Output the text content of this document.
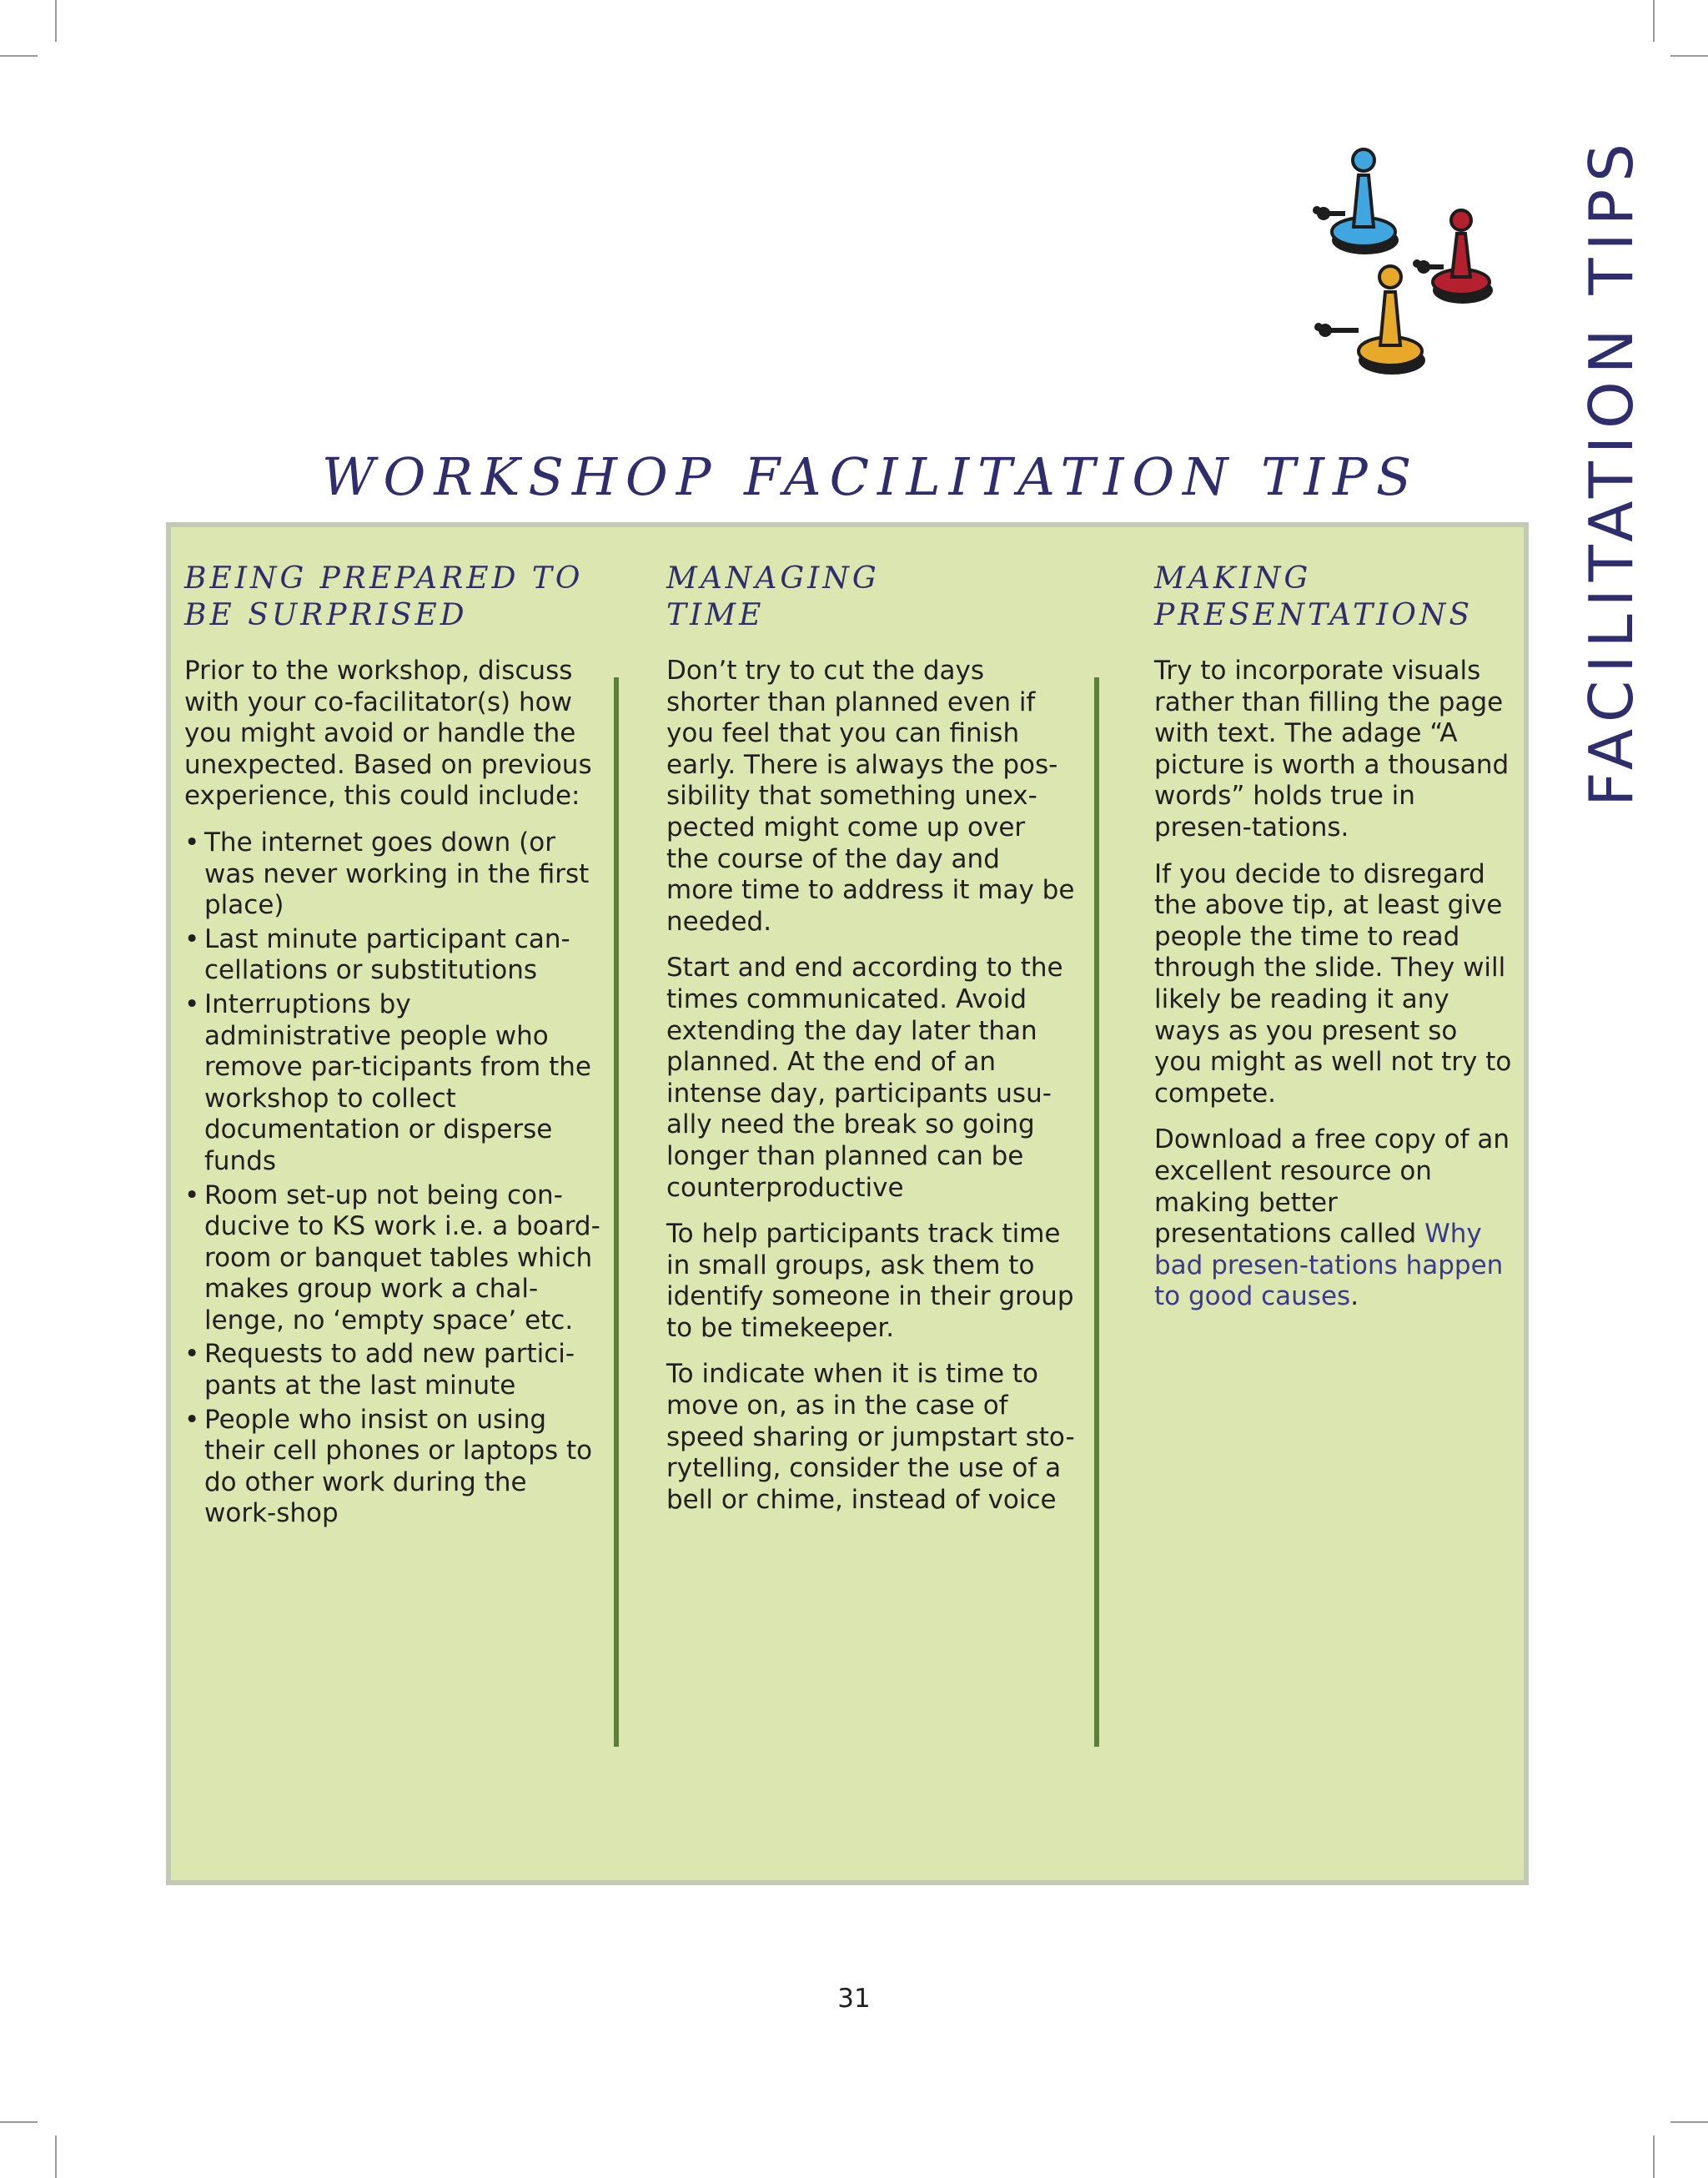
FACILITATION TIPS
WORKSHOP FACILITATION TIPS
BEING PREPARED TO
BE SURPRISED

Prior to the workshop, discuss with your co-facilitator(s) how you might avoid or handle the unexpected. Based on previous experience, this could include:

• The internet goes down (or was never working in the first place)
• Last minute participant can-cellations or substitutions
• Interruptions by administrative people who remove par-ticipants from the workshop to collect documentation or disperse funds
• Room set-up not being con-ducive to KS work i.e. a board-room or banquet tables which makes group work a chal-lenge, no ‘empty space’ etc.
• Requests to add new partici-pants at the last minute
• People who insist on using their cell phones or laptops to do other work during the work-shop
MANAGING
TIME

Don’t try to cut the days shorter than planned even if you feel that you can finish early. There is always the pos-sibility that something unex-pected might come up over the course of the day and more time to address it may be needed.

Start and end according to the times communicated. Avoid extending the day later than planned. At the end of an intense day, participants usu-ally need the break so going longer than planned can be counterproductive

To help participants track time in small groups, ask them to identify someone in their group to be timekeeper.

To indicate when it is time to move on, as in the case of speed sharing or jumpstart sto-rytelling, consider the use of a bell or chime, instead of voice

MAKING
PRESENTATIONS

Try to incorporate visuals rather than filling the page with text. The adage “A picture is worth a thousand words” holds true in presen-tations.

If you decide to disregard the above tip, at least give people the time to read through the slide. They will likely be reading it any ways as you present so you might as well not try to compete.

Download a free copy of an excellent resource on making better presentations called Why bad presen-tations happen to good causes.

31
